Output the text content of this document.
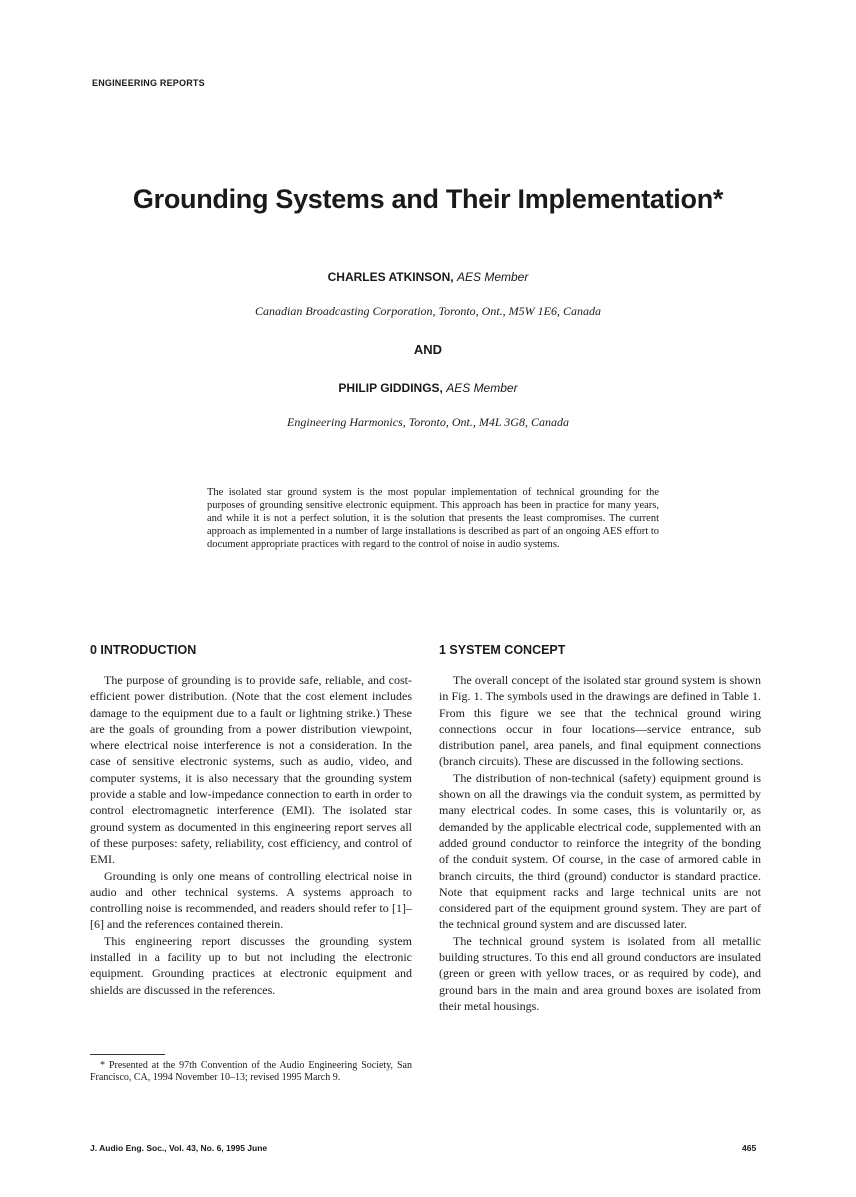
ENGINEERING REPORTS
Grounding Systems and Their Implementation*
CHARLES ATKINSON, AES Member
Canadian Broadcasting Corporation, Toronto, Ont., M5W 1E6, Canada
AND
PHILIP GIDDINGS, AES Member
Engineering Harmonics, Toronto, Ont., M4L 3G8, Canada
The isolated star ground system is the most popular implementation of technical grounding for the purposes of grounding sensitive electronic equipment. This approach has been in practice for many years, and while it is not a perfect solution, it is the solution that presents the least compromises. The current approach as implemented in a number of large installations is described as part of an ongoing AES effort to document appropriate practices with regard to the control of noise in audio systems.
0 INTRODUCTION	1 SYSTEM CONCEPT

The purpose of grounding is to provide safe, reliable, and cost-efficient power distribution. (Note that the cost element includes damage to the equipment due to a fault or lightning strike.) These are the goals of grounding from a power distribution viewpoint, where electrical noise interference is not a consideration. In the case of sensitive electronic systems, such as audio, video, and computer systems, it is also necessary that the grounding system provide a stable and low-impedance connection to earth in order to control electromagnetic interference (EMI). The isolated star ground system as documented in this engineering report serves all of these purposes: safety, reliability, cost efficiency, and control of EMI.

Grounding is only one means of controlling electrical noise in audio and other technical systems. A systems approach to controlling noise is recommended, and readers should refer to [1]–[6] and the references contained therein.

This engineering report discusses the grounding system installed in a facility up to but not including the electronic equipment. Grounding practices at electronic equipment and shields are discussed in the references.

The overall concept of the isolated star ground system is shown in Fig. 1. The symbols used in the drawings are defined in Table 1. From this figure we see that the technical ground wiring connections occur in four locations—service entrance, sub distribution panel, area panels, and final equipment connections (branch circuits). These are discussed in the following sections.

The distribution of non-technical (safety) equipment ground is shown on all the drawings via the conduit system, as permitted by many electrical codes. In some cases, this is voluntarily or, as demanded by the applicable electrical code, supplemented with an added ground conductor to reinforce the integrity of the bonding of the conduit system. Of course, in the case of armored cable in branch circuits, the third (ground) conductor is standard practice. Note that equipment racks and large technical units are not considered part of the equipment ground system. They are part of the technical ground system and are discussed later.

The technical ground system is isolated from all metallic building structures. To this end all ground conductors are insulated (green or green with yellow traces, or as required by code), and ground bars in the main and area ground boxes are isolated from their metal housings.

* Presented at the 97th Convention of the Audio Engineering Society, San Francisco, CA, 1994 November 10–13; revised 1995 March 9.
J. Audio Eng. Soc., Vol. 43, No. 6, 1995 June	465
